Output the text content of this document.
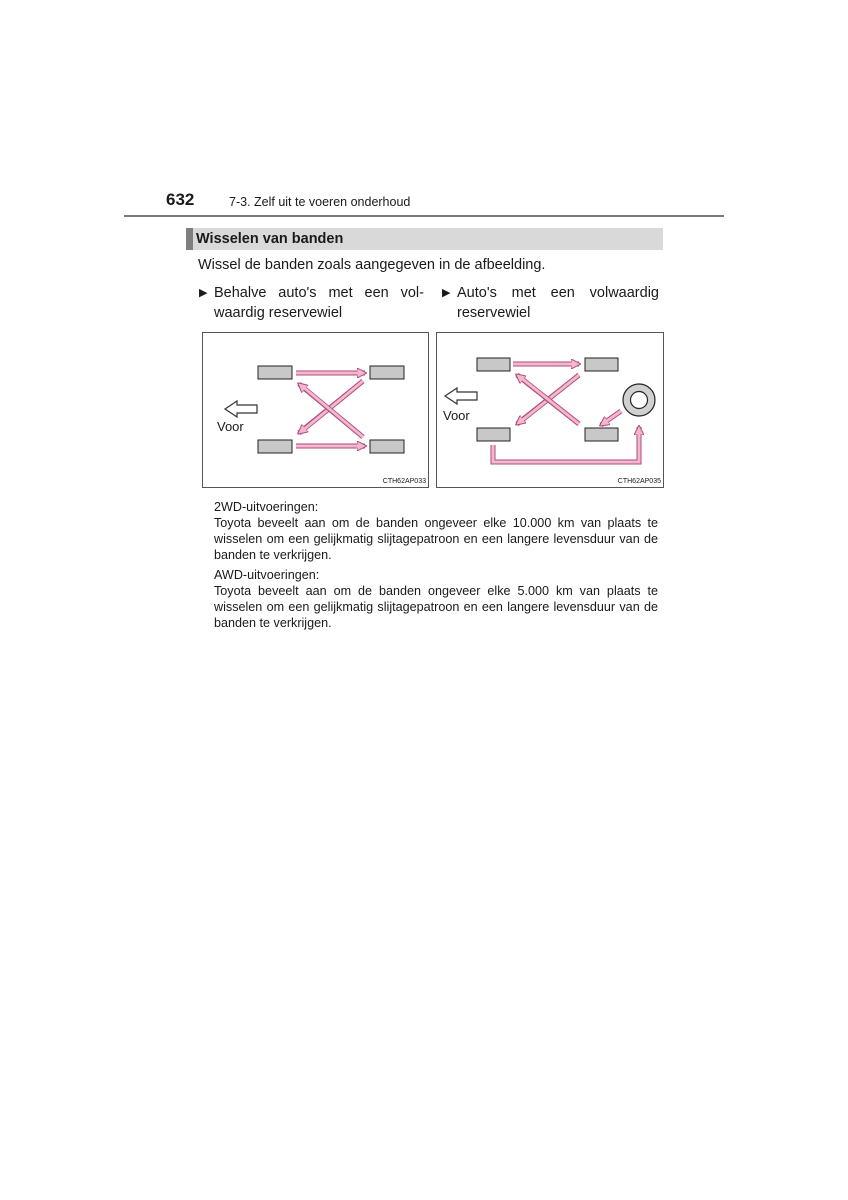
632	7-3. Zelf uit te voeren onderhoud
Wisselen van banden
Wissel de banden zoals aangegeven in de afbeelding.
▶ Behalve auto's met een volwaardig reservewiel
▶ Auto's met een volwaardig reservewiel
Voor
CTH62AP033
Voor
CTH62AP035

2WD-uitvoeringen:

Toyota beveelt aan om de banden ongeveer elke 10.000 km van plaats te wisselen om een gelijkmatig slijtagepatroon en een langere levensduur van de banden te verkrijgen.

AWD-uitvoeringen:

Toyota beveelt aan om de banden ongeveer elke 5.000 km van plaats te wisselen om een gelijkmatig slijtagepatroon en een langere levensduur van de banden te verkrijgen.
